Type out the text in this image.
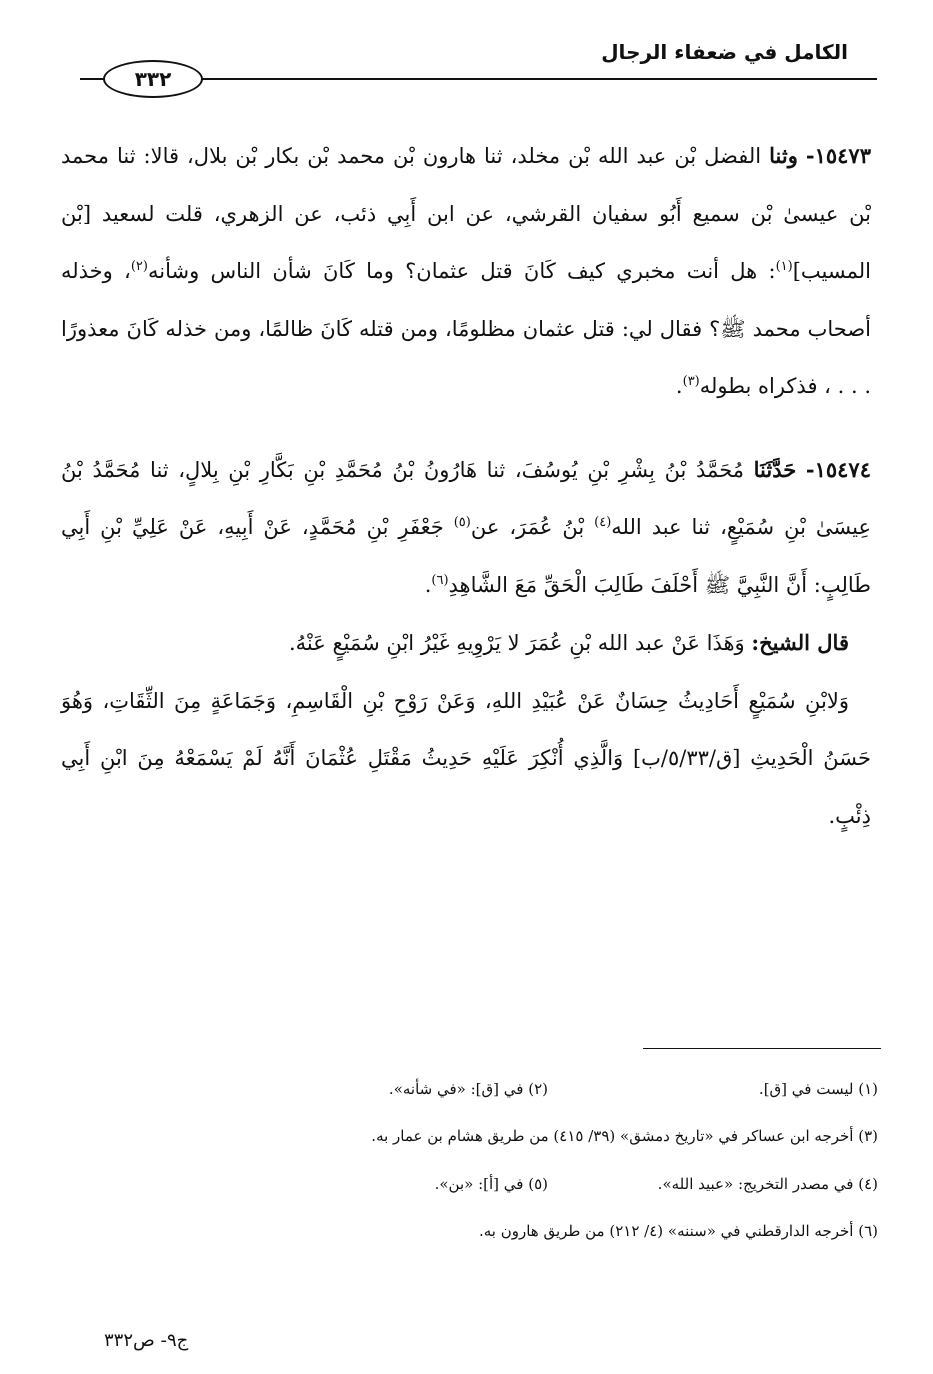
الكامل في ضعفاء الرجال
٣٣٢

١٥٤٧٣- وثنا الفضل بْن عبد الله بْن مخلد، ثنا هارون بْن محمد بْن بكار بْن بلال، قالا: ثنا محمد بْن عيسىٰ بْن سميع أَبُو سفيان القرشي، عن ابن أَبِي ذئب، عن الزهري، قلت لسعيد [بْن المسيب]$^{(١)}$: هل أنت مخبري كيف كَانَ قتل عثمان؟ وما كَانَ شأن الناس وشأنه$^{(٢)}$، وخذله أصحاب محمد ﷺ؟ فقال لي: قتل عثمان مظلومًا، ومن قتله كَانَ ظالمًا، ومن خذله كَانَ معذورًا . . . ، فذكراه بطوله$^{(٣)}$.

١٥٤٧٤- حَدَّثَنَا مُحَمَّدُ بْنُ بِشْرِ بْنِ يُوسُفَ، ثنا هَارُونُ بْنُ مُحَمَّدِ بْنِ بَكَّارِ بْنِ بِلالٍ، ثنا مُحَمَّدُ بْنُ عِيسَىٰ بْنِ سُمَيْعٍ، ثنا عبد الله$^{(٤)}$ بْنُ عُمَرَ، عن$^{(٥)}$ جَعْفَرِ بْنِ مُحَمَّدٍ، عَنْ أَبِيهِ، عَنْ عَلِيِّ بْنِ أَبِي طَالِبٍ: أَنَّ النَّبِيَّ ﷺ أَحْلَفَ طَالِبَ الْحَقِّ مَعَ الشَّاهِدِ$^{(٦)}$.

قال الشيخ: وَهَذَا عَنْ عبد الله بْنِ عُمَرَ لا يَرْوِيهِ غَيْرُ ابْنِ سُمَيْعٍ عَنْهُ.

وَلابْنِ سُمَيْعٍ أَحَادِيثُ حِسَانٌ عَنْ عُبَيْدِ اللهِ، وَعَنْ رَوْحِ بْنِ الْقَاسِمِ، وَجَمَاعَةٍ مِنَ الثِّقَاتِ، وَهُوَ حَسَنُ الْحَدِيثِ [ق/٥/٣٣/ب] وَالَّذِي أُنْكِرَ عَلَيْهِ حَدِيثُ مَقْتَلِ عُثْمَانَ أَنَّهُ لَمْ يَسْمَعْهُ مِنَ ابْنِ أَبِي ذِئْبٍ.

(١) ليست في [ق].
(٢) في [ق]: «في شأنه».
(٣) أخرجه ابن عساكر في «تاريخ دمشق» (٣٩/ ٤١٥) من طريق هشام بن عمار به.
(٤) في مصدر التخريج: «عبيد الله».
(٥) في [أ]: «بن».
(٦) أخرجه الدارقطني في «سننه» (٤/ ٢١٢) من طريق هارون به.
ج٩- ص٣٣٢
